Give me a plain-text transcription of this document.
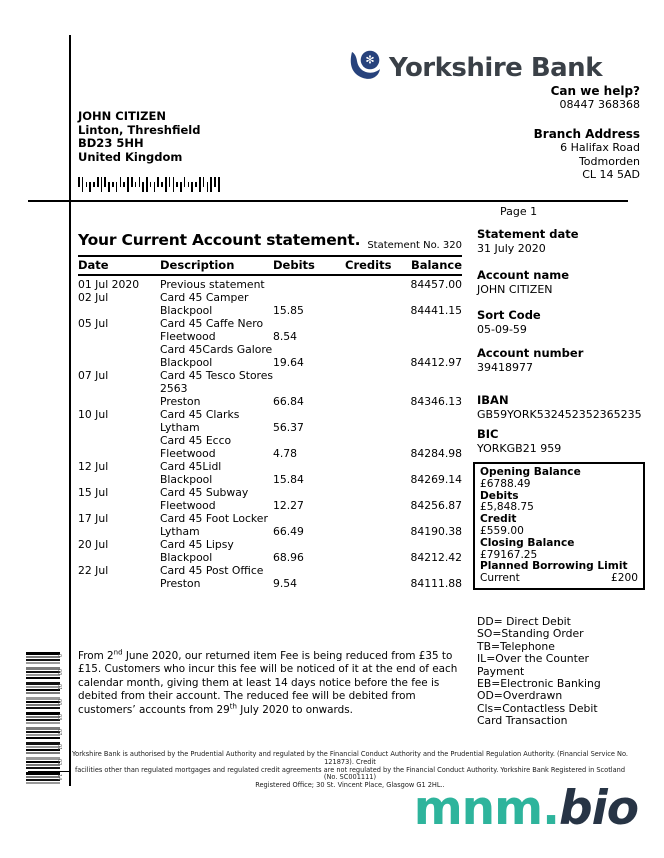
✻ Yorkshire Bank
Can we help?
08447 368368
JOHN CITIZEN
Linton, Threshfield
BD23 5HH
United Kingdom
Branch Address
6 Halifax Road
Todmorden
CL 14 5AD
Page 1
Your Current Account statement. Statement No. 320
Date	Description	Debits	Credits	Balance
01 Jul 2020	Previous statement	84457.00
02 Jul	Card 45 Camper
Blackpool	15.85	84441.15
05 Jul	Card 45 Caffe Nero
Fleetwood	8.54
Card 45Cards Galore
Blackpool	19.64	84412.97
07 Jul	Card 45 Tesco Stores
2563
Preston	66.84	84346.13
10 Jul	Card 45 Clarks
Lytham	56.37
Card 45 Ecco
Fleetwood	4.78	84284.98
12 Jul	Card 45Lidl
Blackpool	15.84	84269.14
15 Jul	Card 45 Subway
Fleetwood	12.27	84256.87
17 Jul	Card 45 Foot Locker
Lytham	66.49	84190.38
20 Jul	Card 45 Lipsy
Blackpool	68.96	84212.42
22 Jul	Card 45 Post Office
Preston	9.54	84111.88
Statement date
31 July 2020
Account name
JOHN CITIZEN
Sort Code
05-09-59
Account number
39418977
IBAN
GB59YORK532452352365235
BIC
YORKGB21 959
Opening Balance
£6788.49
Debits
£5,848.75
Credit
£559.00
Closing Balance
£79167.25
Planned Borrowing Limit
Current	£200
DD= Direct Debit
SO=Standing Order
TB=Telephone
IL=Over the Counter
Payment
EB=Electronic Banking
OD=Overdrawn
Cls=Contactless Debit
Card Transaction
From 2nd June 2020, our returned item Fee is being reduced from £35 to £15. Customers who incur this fee will be noticed of it at the end of each calendar month, giving them at least 14 days notice before the fee is debited from their account. The reduced fee will be debited from customers’ accounts from 29th July 2020 to onwards.
Yorkshire Bank is authorised by the Prudential Authority and regulated by the Financial Conduct Authority and the Prudential Regulation Authority. (Financial Service No. 121873). Credit
facilities other than regulated mortgages and regulated credit agreements are not regulated by the Financial Conduct Authority. Yorkshire Bank Registered in Scotland (No. SC001111)
Registered Office; 30 St. Vincent Place, Glasgow G1 2HL..
mnm.bio
0
00
01
00
03
07
01
02
14
